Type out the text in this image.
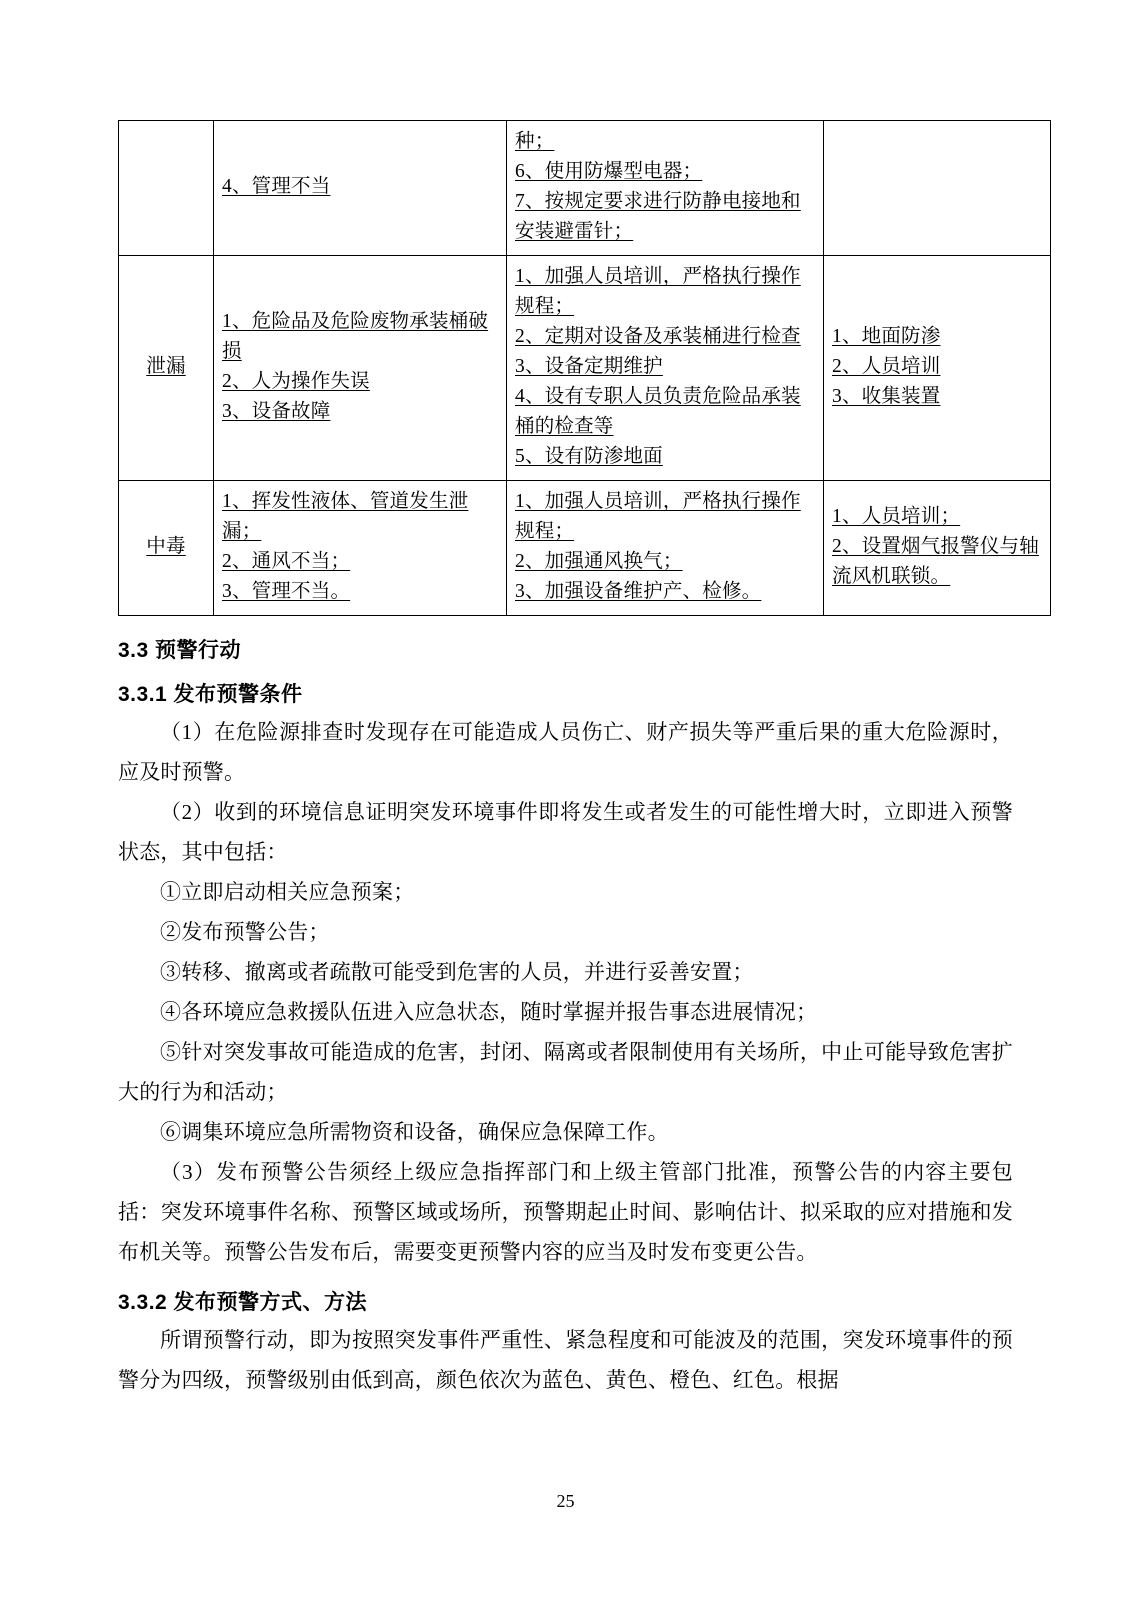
	4、管理不当	种；
6、使用防爆型电器；
7、按规定要求进行防静电接地和安装避雷针；	

泄漏	1、危险品及危险废物承装桶破损
2、人为操作失误
3、设备故障	1、加强人员培训，严格执行操作规程；
2、定期对设备及承装桶进行检查
3、设备定期维护
4、设有专职人员负责危险品承装桶的检查等
5、设有防渗地面	1、地面防渗
2、人员培训
3、收集装置

中毒	1、挥发性液体、管道发生泄漏；
2、通风不当；
3、管理不当。	1、加强人员培训，严格执行操作规程；
2、加强通风换气；
3、加强设备维护产、检修。	1、人员培训；
2、设置烟气报警仪与轴流风机联锁。
3.3 预警行动
3.3.1 发布预警条件

（1）在危险源排查时发现存在可能造成人员伤亡、财产损失等严重后果的重大危险源时，应及时预警。

（2）收到的环境信息证明突发环境事件即将发生或者发生的可能性增大时，立即进入预警状态，其中包括：

①立即启动相关应急预案；

②发布预警公告；

③转移、撤离或者疏散可能受到危害的人员，并进行妥善安置；

④各环境应急救援队伍进入应急状态，随时掌握并报告事态进展情况；

⑤针对突发事故可能造成的危害，封闭、隔离或者限制使用有关场所，中止可能导致危害扩大的行为和活动；

⑥调集环境应急所需物资和设备，确保应急保障工作。

（3）发布预警公告须经上级应急指挥部门和上级主管部门批准，预警公告的内容主要包括：突发环境事件名称、预警区域或场所，预警期起止时间、影响估计、拟采取的应对措施和发布机关等。预警公告发布后，需要变更预警内容的应当及时发布变更公告。

3.3.2 发布预警方式、方法

所谓预警行动，即为按照突发事件严重性、紧急程度和可能波及的范围，突发环境事件的预警分为四级，预警级别由低到高，颜色依次为蓝色、黄色、橙色、红色。根据

25
